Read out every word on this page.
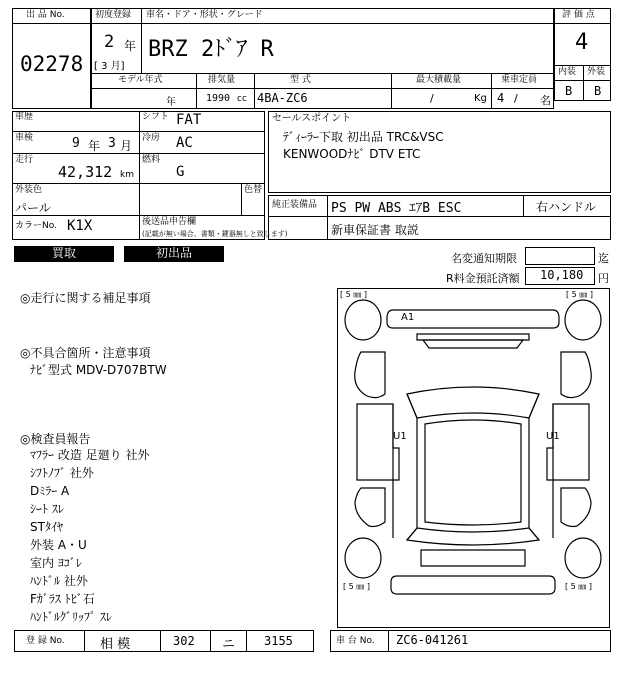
出 品 No.
02278
初度登録 車名・ドア・形状・グレード
2 年
[ 3 月]
BRZ 2ﾄﾞｱ R
モデル年式	排気量	型 式	最大積載量	乗車定員
年	1990 cc 4BA-ZC6	/	Kg 4 / 名
評 価 点
4
内装 外装
B B
車歴	シフト FAT
車検	9 年 3 月
冷房 AC
走行
42,312 km
燃料
G
外装色
パール
色替
カラーNo. K1X	後送品申告欄
(記載が無い場合、書類・鍵器無しと致します)
セールスポイント
ﾃﾞｨｰﾗｰ下取 初出品 TRC&VSC
KENWOODﾅﾋﾞ DTV ETC
純正装備品 PS PW ABS ｴｱB ESC	右ハンドル
新車保証書 取説
買取	初出品	名変通知期限	迄
R料金預託済額 10,180 円
◎走行に関する補足事項
◎不具合箇所・注意事項
ﾅﾋﾞ型式 MDV-D707BTW
◎検査員報告
ﾏﾌﾗｰ 改造 足廻り 社外
ｼﾌﾄﾉﾌﾞ 社外
Dﾐﾗｰ A
ｼｰﾄ ｽﾚ
STﾀｲﾔ
外装 A・U
室内 ﾖｺﾞﾚ
ﾊﾝﾄﾞﾙ 社外
Fｶﾞﾗｽ ﾄﾋﾞ石
ﾊﾝﾄﾞﾙｸﾞﾘｯﾌﾟ ｽﾚ
[ 5 ㎜ ]	[ 5 ㎜ ]
[ 5 ㎜ ]	[ 5 ㎜ ]
A1
U1	U1
登 録 No.	相 模	302 ニ 3155	車 台 No. ZC6-041261
